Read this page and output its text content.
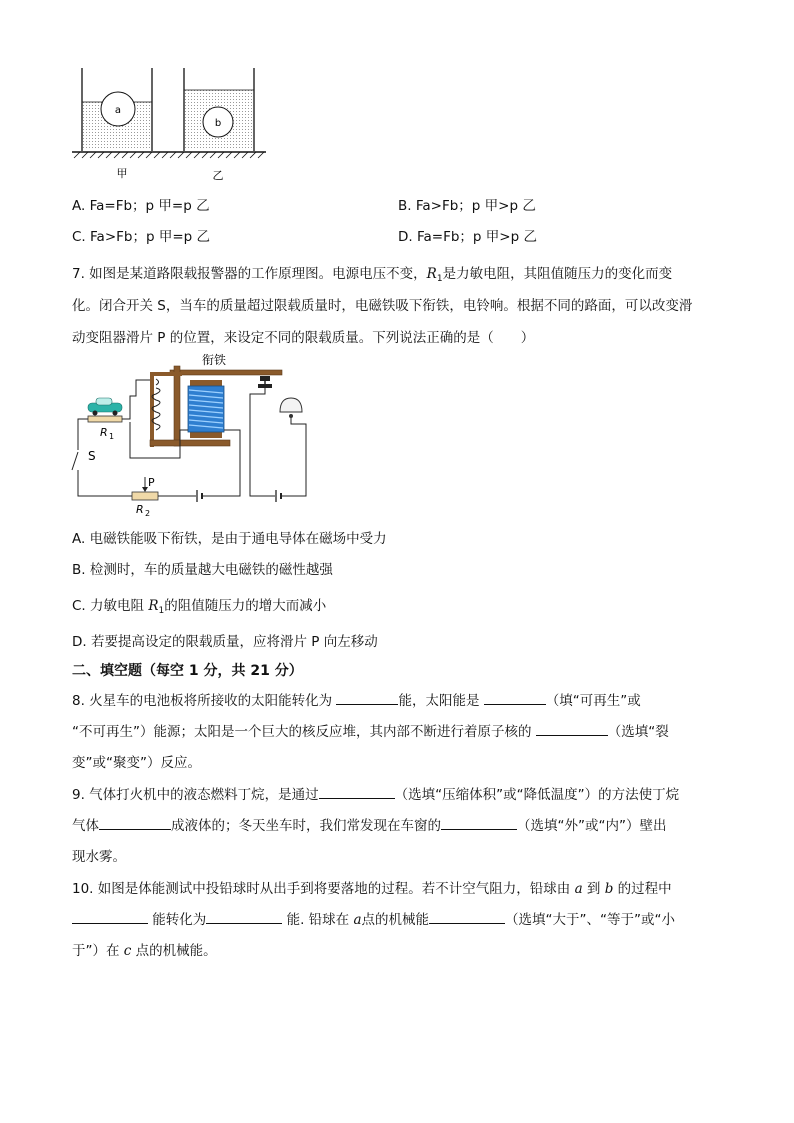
a
b
甲	乙
A. Fa=Fb；p 甲=p 乙	B. Fa>Fb；p 甲>p 乙
C. Fa>Fb；p 甲=p 乙	D. Fa=Fb；p 甲>p 乙
7. 如图是某道路限载报警器的工作原理图。电源电压不变，$R_1$是力敏电阻，其阻值随压力的变化而变
化。闭合开关 S，当车的质量超过限载质量时，电磁铁吸下衔铁，电铃响。根据不同的路面，可以改变滑
动变阻器滑片 P 的位置，来设定不同的限载质量。下列说法正确的是（　　）
衔铁
R 1
S
P
R 2
A. 电磁铁能吸下衔铁，是由于通电导体在磁场中受力
B. 检测时，车的质量越大电磁铁的磁性越强
C. 力敏电阻 $R_1$的阻值随压力的增大而减小
D. 若要提高设定的限载质量，应将滑片 P 向左移动
二、填空题（每空 1 分，共 21 分）
8. 火星车的电池板将所接收的太阳能转化为	能，太阳能是	（填“可再生”或
“不可再生”）能源；太阳是一个巨大的核反应堆，其内部不断进行着原子核的	（选填“裂
变”或“聚变”）反应。
9. 气体打火机中的液态燃料丁烷，是通过	（选填“压缩体积”或“降低温度”）的方法使丁烷
气体	成液体的；冬天坐车时，我们常发现在车窗的	（选填“外”或“内”）壁出
现水雾。
10. 如图是体能测试中投铅球时从出手到将要落地的过程。若不计空气阻力，铅球由 a 到 b 的过程中
能转化为	能. 铅球在 a点的机械能	（选填“大于”、“等于”或“小
于”）在 c 点的机械能。
